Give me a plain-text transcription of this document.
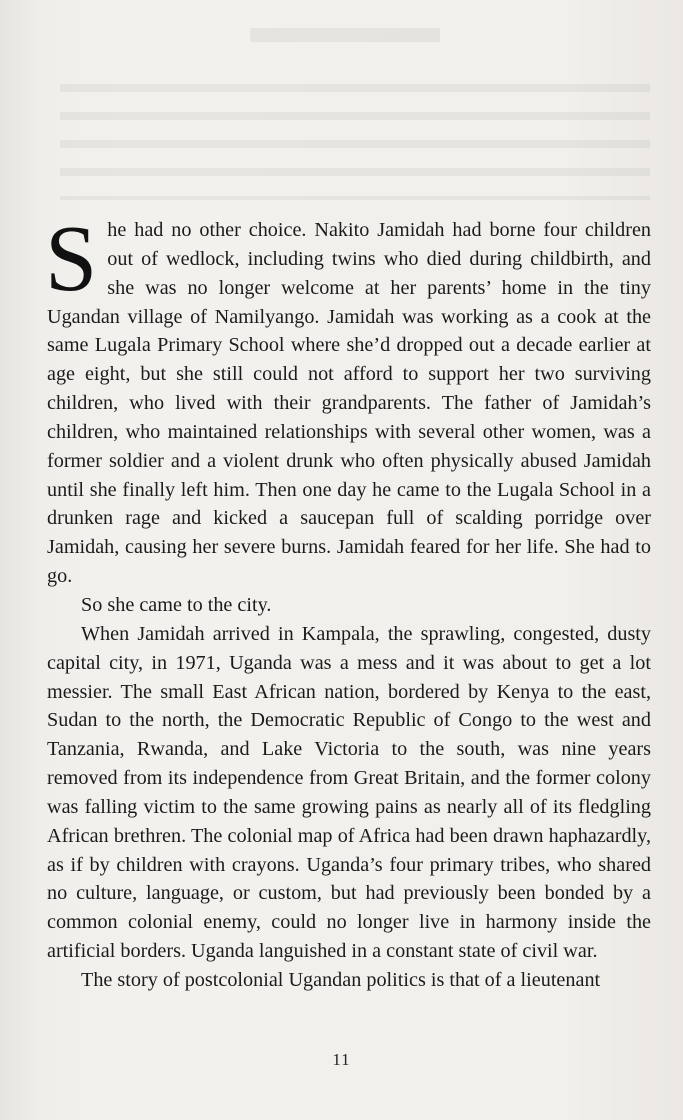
She had no other choice. Nakito Jamidah had borne four children out of wedlock, including twins who died during childbirth, and she was no longer welcome at her parents’ home in the tiny Ugandan village of Namilyango. Jamidah was working as a cook at the same Lugala Primary School where she’d dropped out a decade earlier at age eight, but she still could not afford to support her two surviving children, who lived with their grandparents. The father of Jamidah’s children, who maintained relationships with several other women, was a former soldier and a violent drunk who often physically abused Jamidah until she finally left him. Then one day he came to the Lugala School in a drunken rage and kicked a saucepan full of scalding porridge over Jamidah, causing her severe burns. Jamidah feared for her life. She had to go.

So she came to the city.

When Jamidah arrived in Kampala, the sprawling, congested, dusty capital city, in 1971, Uganda was a mess and it was about to get a lot messier. The small East African nation, bordered by Kenya to the east, Sudan to the north, the Democratic Republic of Congo to the west and Tanzania, Rwanda, and Lake Victoria to the south, was nine years removed from its independence from Great Britain, and the former colony was falling victim to the same growing pains as nearly all of its fledgling African brethren. The colonial map of Africa had been drawn haphazardly, as if by children with crayons. Uganda’s four primary tribes, who shared no culture, language, or custom, but had previously been bonded by a common colonial enemy, could no longer live in harmony inside the artificial borders. Uganda languished in a constant state of civil war.

The story of postcolonial Ugandan politics is that of a lieutenant

11
